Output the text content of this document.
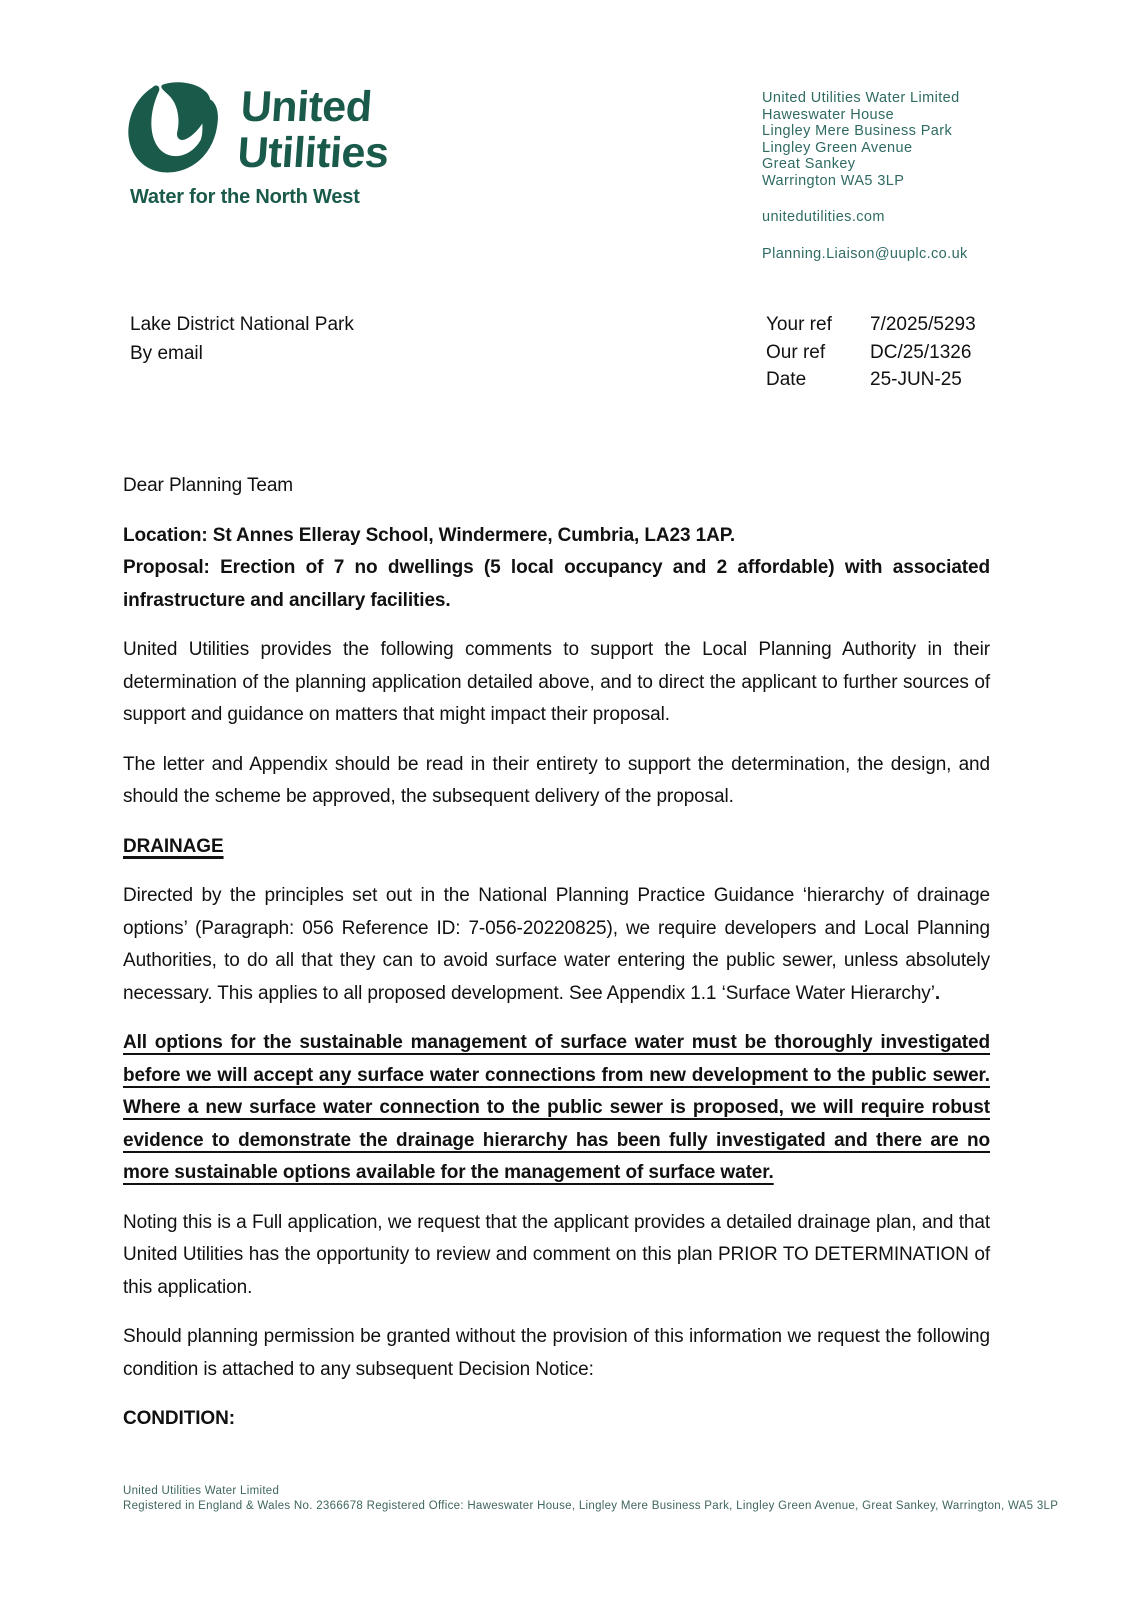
United
Utilities
Water for the North West
United Utilities Water Limited
Haweswater House
Lingley Mere Business Park
Lingley Green Avenue
Great Sankey
Warrington WA5 3LP
unitedutilities.com
Planning.Liaison@uuplc.co.uk
Lake District National Park
By email
Your ref	7/2025/5293
Our ref	DC/25/1326
Date	25-JUN-25

Dear Planning Team

Location: St Annes Elleray School, Windermere, Cumbria, LA23 1AP.
Proposal: Erection of 7 no dwellings (5 local occupancy and 2 affordable) with associated infrastructure and ancillary facilities.

United Utilities provides the following comments to support the Local Planning Authority in their determination of the planning application detailed above, and to direct the applicant to further sources of support and guidance on matters that might impact their proposal.

The letter and Appendix should be read in their entirety to support the determination, the design, and should the scheme be approved, the subsequent delivery of the proposal.

DRAINAGE

Directed by the principles set out in the National Planning Practice Guidance ‘hierarchy of drainage options’ (Paragraph: 056 Reference ID: 7-056-20220825), we require developers and Local Planning Authorities, to do all that they can to avoid surface water entering the public sewer, unless absolutely necessary. This applies to all proposed development. See Appendix 1.1 ‘Surface Water Hierarchy’.

All options for the sustainable management of surface water must be thoroughly investigated before we will accept any surface water connections from new development to the public sewer. Where a new surface water connection to the public sewer is proposed, we will require robust evidence to demonstrate the drainage hierarchy has been fully investigated and there are no more sustainable options available for the management of surface water.

Noting this is a Full application, we request that the applicant provides a detailed drainage plan, and that United Utilities has the opportunity to review and comment on this plan PRIOR TO DETERMINATION of this application.

Should planning permission be granted without the provision of this information we request the following condition is attached to any subsequent Decision Notice:

CONDITION:

United Utilities Water Limited
Registered in England & Wales No. 2366678 Registered Office: Haweswater House, Lingley Mere Business Park, Lingley Green Avenue, Great Sankey, Warrington, WA5 3LP
